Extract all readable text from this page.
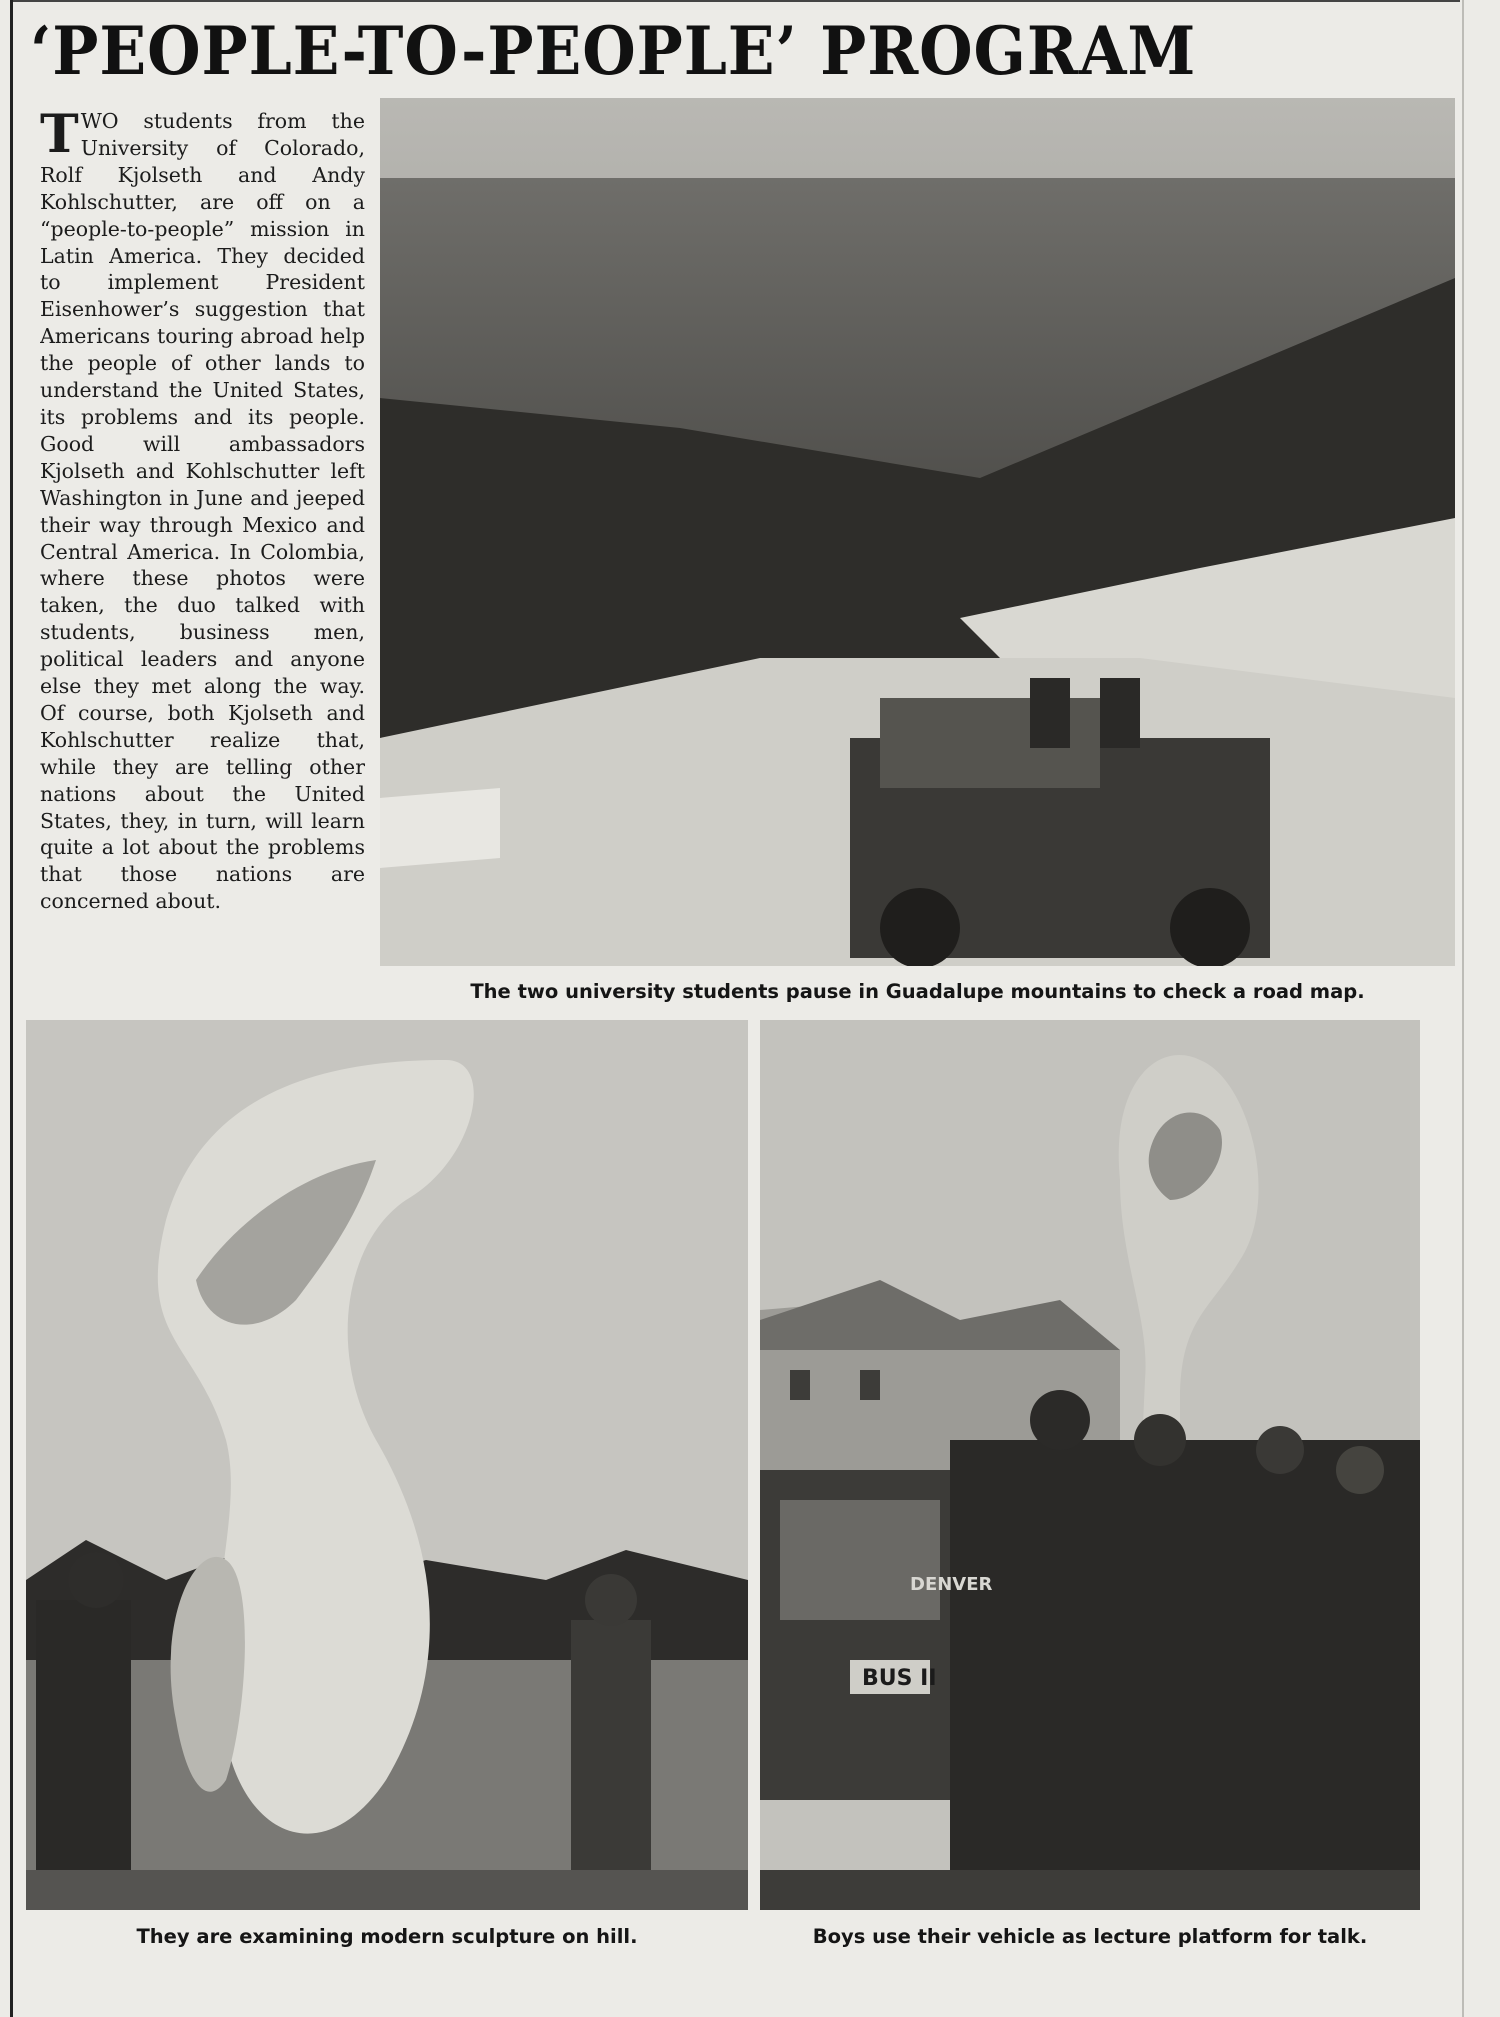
‘PEOPLE-TO-PEOPLE’ PROGRAM
TWO students from the University of Colorado, Rolf Kjolseth and Andy Kohlschutter, are off on a “people-to-people” mission in Latin America. They decided to implement President Eisenhower’s suggestion that Americans touring abroad help the people of other lands to understand the United States, its problems and its people. Good will ambassadors Kjolseth and Kohlschutter left Washington in June and jeeped their way through Mexico and Central America. In Colombia, where these photos were taken, the duo talked with students, business men, political leaders and anyone else they met along the way. Of course, both Kjolseth and Kohlschutter realize that, while they are telling other nations about the United States, they, in turn, will learn quite a lot about the problems that those nations are concerned about.
The two university students pause in Guadalupe mountains to check a road map.
They are examining modern sculpture on hill.
BUS II
DENVER
Boys use their vehicle as lecture platform for talk.
